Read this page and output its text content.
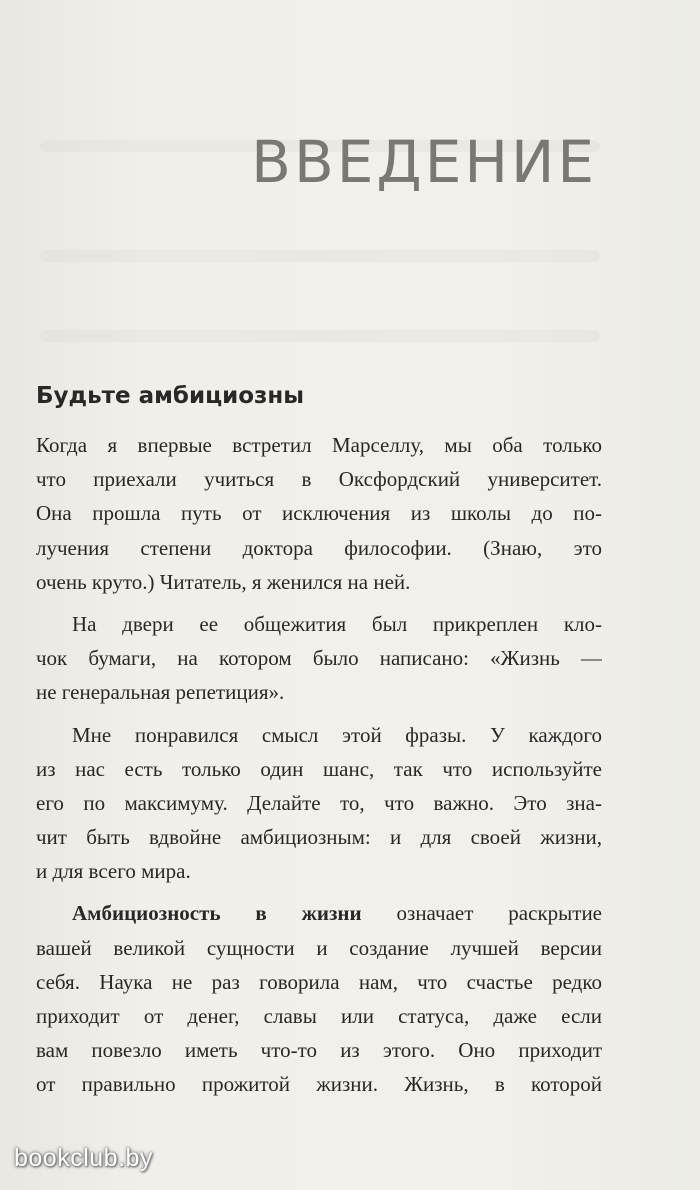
ВВЕДЕНИЕ
Будьте амбициозны

Когда я впервые встретил Марселлу, мы оба только

что приехали учиться в Оксфордский университет.

Она прошла путь от исключения из школы до по-

лучения степени доктора философии. (Знаю, это

очень круто.) Читатель, я женился на ней.

На двери ее общежития был прикреплен кло-

чок бумаги, на котором было написано: «Жизнь —

не генеральная репетиция».

Мне понравился смысл этой фразы. У каждого

из нас есть только один шанс, так что используйте

его по максимуму. Делайте то, что важно. Это зна-

чит быть вдвойне амбициозным: и для своей жизни,

и для всего мира.

Амбициозность в жизни означает раскрытие

вашей великой сущности и создание лучшей версии

себя. Наука не раз говорила нам, что счастье редко

приходит от денег, славы или статуса, даже если

вам повезло иметь что-то из этого. Оно приходит

от правильно прожитой жизни. Жизнь, в которой

bookclub.by
